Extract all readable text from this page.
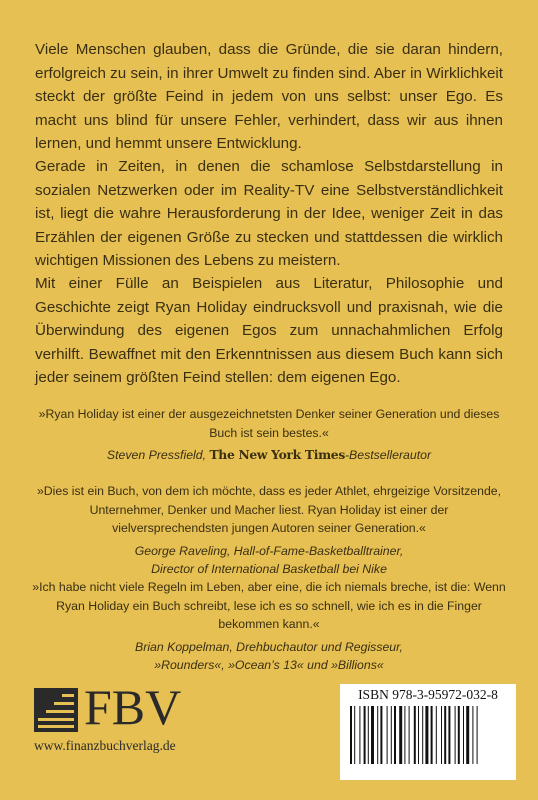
Viele Menschen glauben, dass die Gründe, die sie daran hindern, erfolgreich zu sein, in ihrer Umwelt zu finden sind. Aber in Wirklichkeit steckt der größte Feind in jedem von uns selbst: unser Ego. Es macht uns blind für unsere Fehler, verhindert, dass wir aus ihnen lernen, und hemmt unsere Entwicklung.

Gerade in Zeiten, in denen die schamlose Selbstdarstellung in sozialen Netzwerken oder im Reality-TV eine Selbstverständlichkeit ist, liegt die wahre Herausforderung in der Idee, weniger Zeit in das Erzählen der eigenen Größe zu stecken und stattdessen die wirklich wichtigen Missionen des Lebens zu meistern.

Mit einer Fülle an Beispielen aus Literatur, Philosophie und Geschichte zeigt Ryan Holiday eindrucksvoll und praxisnah, wie die Überwindung des eigenen Egos zum unnachahmlichen Erfolg verhilft. Bewaffnet mit den Erkenntnissen aus diesem Buch kann sich jeder seinem größten Feind stellen: dem eigenen Ego.

»Ryan Holiday ist einer der ausgezeichnetsten Denker seiner Generation und dieses Buch ist sein bestes.«

Steven Pressfield, The New York Times-Bestsellerautor

»Dies ist ein Buch, von dem ich möchte, dass es jeder Athlet, ehrgeizige Vorsitzende, Unternehmer, Denker und Macher liest. Ryan Holiday ist einer der vielversprechendsten jungen Autoren seiner Generation.«

George Raveling, Hall-of-Fame-Basketballtrainer,
Director of International Basketball bei Nike

»Ich habe nicht viele Regeln im Leben, aber eine, die ich niemals breche, ist die: Wenn Ryan Holiday ein Buch schreibt, lese ich es so schnell, wie ich es in die Finger bekommen kann.«

Brian Koppelman, Drehbuchautor und Regisseur,
»Rounders«, »Ocean’s 13« und »Billions«

FBV
www.finanzbuchverlag.de
ISBN 978-3-95972-032-8
